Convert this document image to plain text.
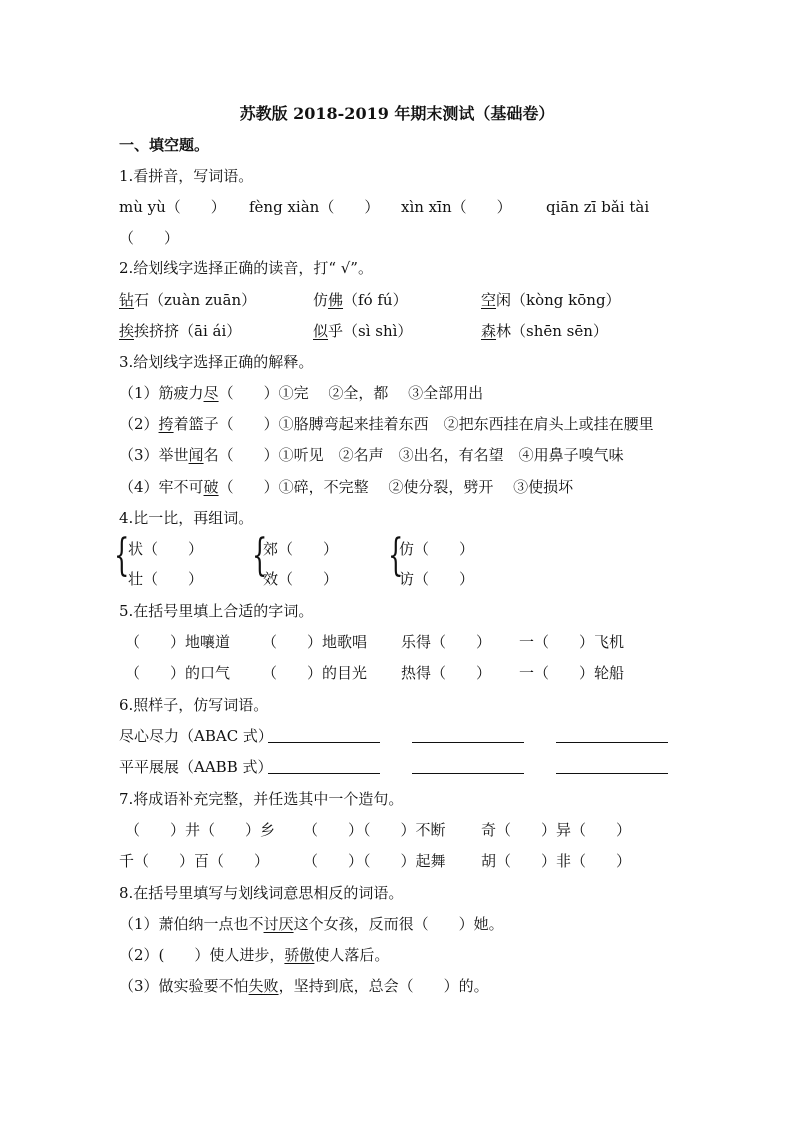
苏教版 2018-2019 年期末测试（基础卷）
一、填空题。
1.看拼音，写词语。
mù yù（　　） fèng xiàn（　　） xìn xīn（　　） qiān zī bǎi tài
（　　）
2.给划线字选择正确的读音，打“ √”。
钻石（zuàn zuān）	仿佛（fó fú）	空闲（kòng kōng）
挨挨挤挤（āi ái）	似乎（sì shì）	森林（shēn sēn）
3.给划线字选择正确的解释。
（1）筋疲力尽（　　）①完　 ②全，都　 ③全部用出
（2）挎着篮子（　　）①胳膊弯起来挂着东西　②把东西挂在肩头上或挂在腰里
（3）举世闻名（　　）①听见　②名声　③出名，有名望　④用鼻子嗅气味
（4）牢不可破（　　）①碎，不完整　 ②使分裂，劈开　 ③使损坏
4.比一比，再组词。
{
状（　　）
壮（　　） {
郊（　　）
效（　　） {
仿（　　）
访（　　）
5.在括号里填上合适的字词。
（　　）地嚷道 （　　）地歌唱 乐得（　　） 一（　　）飞机
（　　）的口气 （　　）的目光 热得（　　） 一（　　）轮船
6.照样子，仿写词语。
尽心尽力（ABAC 式）
平平展展（AABB 式）
7.将成语补充完整，并任选其中一个造句。
（　　）井（　　）乡 （　　）（　　）不断 奇（　　）异（　　）
千（　　）百（　　） （　　）（　　）起舞 胡（　　）非（　　）
8.在括号里填写与划线词意思相反的词语。
（1）萧伯纳一点也不讨厌这个女孩，反而很（　　）她。
（2）(　　）使人进步，骄傲使人落后。
（3）做实验要不怕失败，坚持到底，总会（　　）的。
